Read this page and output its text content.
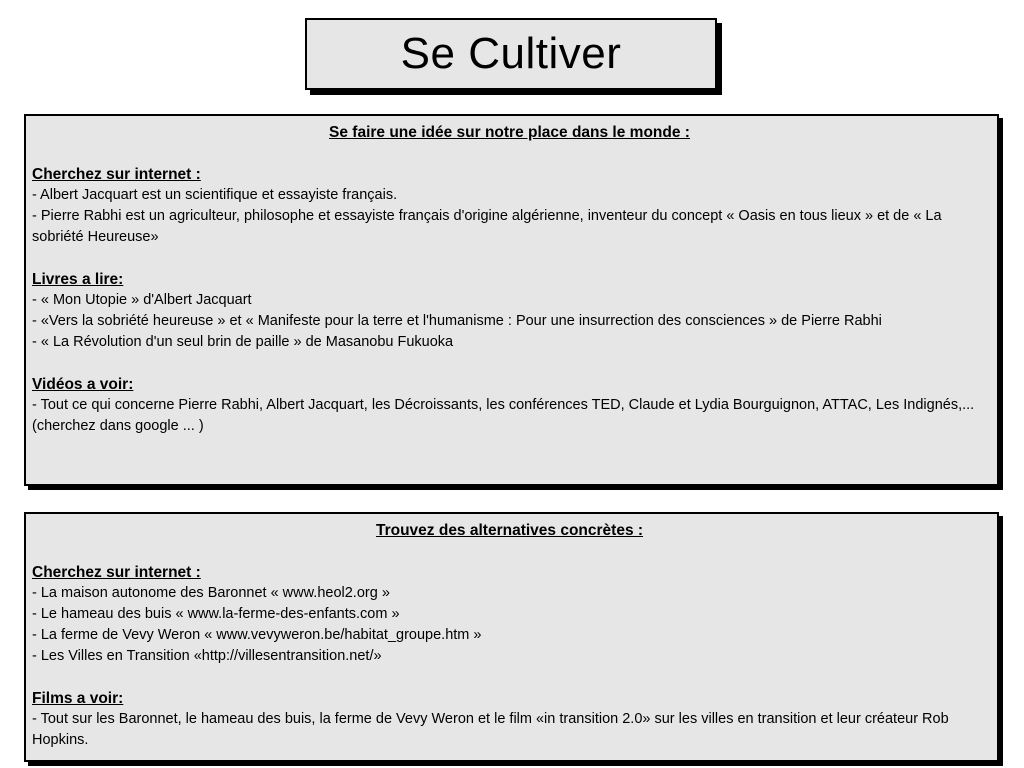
Se Cultiver

Se faire une idée sur notre place dans le monde :

Cherchez sur internet :
- Albert Jacquart est un scientifique et essayiste français.
- Pierre Rabhi est un agriculteur, philosophe et essayiste français d'origine algérienne, inventeur du concept « Oasis en tous lieux » et de « La sobriété Heureuse»
Livres a lire:
- « Mon Utopie » d'Albert Jacquart
- «Vers la sobriété heureuse » et « Manifeste pour la terre et l'humanisme : Pour une insurrection des consciences » de Pierre Rabhi
- « La Révolution d'un seul brin de paille » de Masanobu Fukuoka
Vidéos a voir:
- Tout ce qui concerne Pierre Rabhi, Albert Jacquart, les Décroissants, les conférences TED, Claude et Lydia Bourguignon, ATTAC, Les Indignés,...(cherchez dans google ... )

Trouvez des alternatives concrètes :

Cherchez sur internet :
- La maison autonome des Baronnet « www.heol2.org »
- Le hameau des buis « www.la-ferme-des-enfants.com »
- La ferme de Vevy Weron « www.vevyweron.be/habitat_groupe.htm »
- Les Villes en Transition «http://villesentransition.net/»
Films a voir:
- Tout sur les Baronnet, le hameau des buis, la ferme de Vevy Weron et le film «in transition 2.0» sur les villes en transition et leur créateur Rob Hopkins.
